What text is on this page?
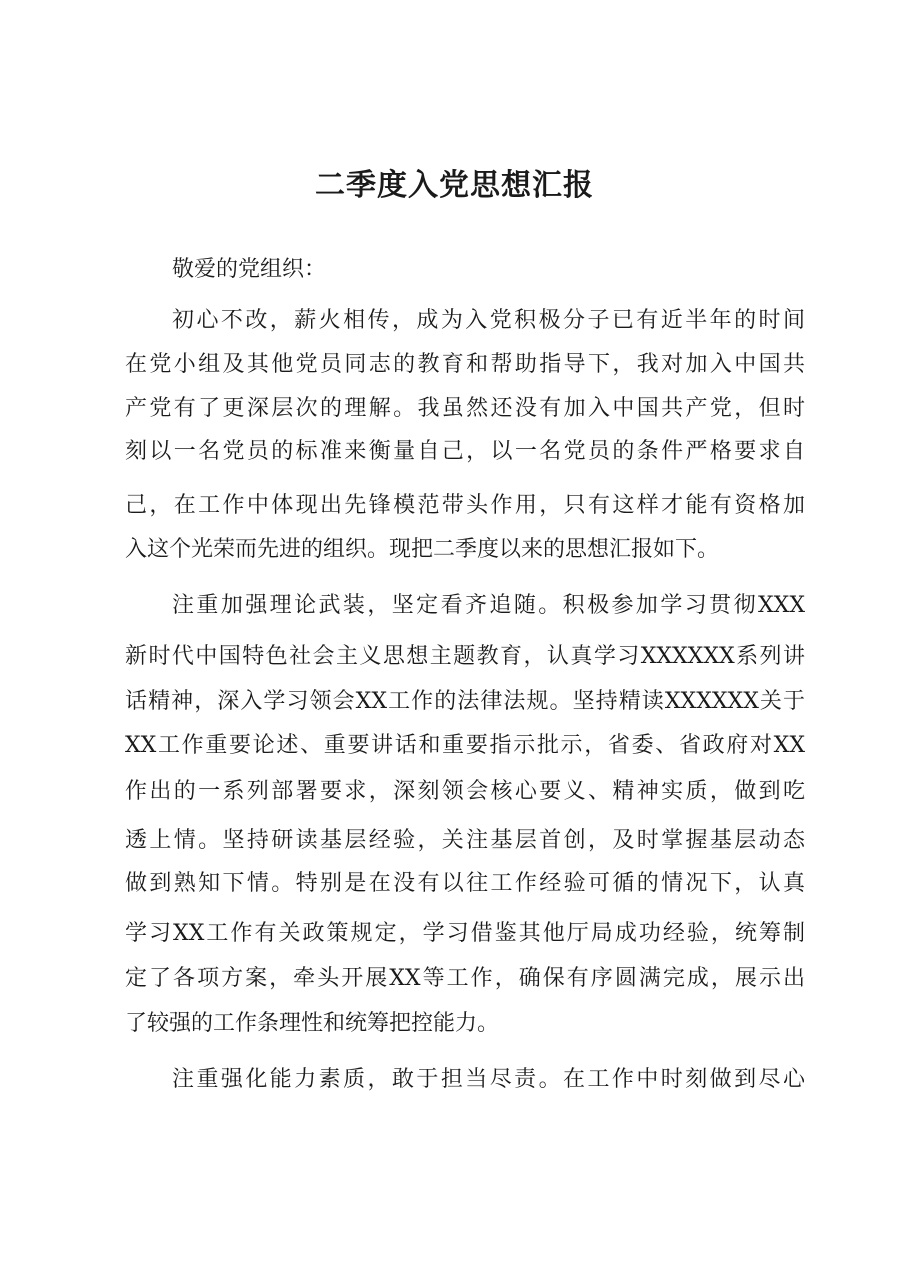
二季度入党思想汇报

敬爱的党组织：

初心不改，薪火相传，成为入党积极分子已有近半年的时间

在党小组及其他党员同志的教育和帮助指导下，我对加入中国共

产党有了更深层次的理解。我虽然还没有加入中国共产党，但时

刻以一名党员的标准来衡量自己，以一名党员的条件严格要求自

己，在工作中体现出先锋模范带头作用，只有这样才能有资格加

入这个光荣而先进的组织。现把二季度以来的思想汇报如下。

注重加强理论武装，坚定看齐追随。积极参加学习贯彻XXX

新时代中国特色社会主义思想主题教育，认真学习XXXXXX系列讲

话精神，深入学习领会XX工作的法律法规。坚持精读XXXXXX关于

XX工作重要论述、重要讲话和重要指示批示，省委、省政府对XX

作出的一系列部署要求，深刻领会核心要义、精神实质，做到吃

透上情。坚持研读基层经验，关注基层首创，及时掌握基层动态

做到熟知下情。特别是在没有以往工作经验可循的情况下，认真

学习XX工作有关政策规定，学习借鉴其他厅局成功经验，统筹制

定了各项方案，牵头开展XX等工作，确保有序圆满完成，展示出

了较强的工作条理性和统筹把控能力。

注重强化能力素质，敢于担当尽责。在工作中时刻做到尽心
